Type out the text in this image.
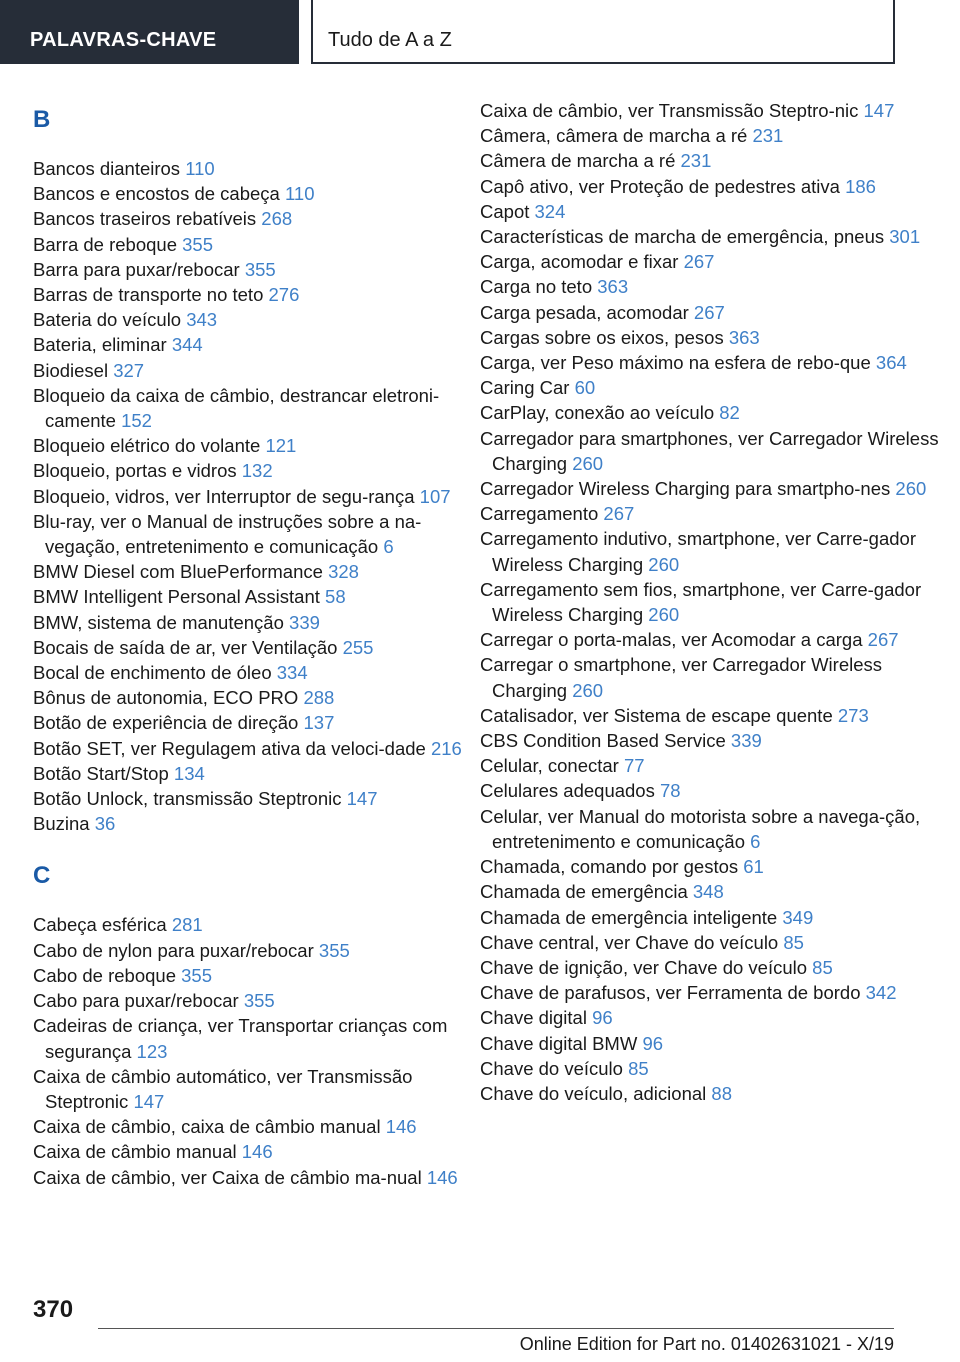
PALAVRAS-CHAVE	Tudo de A a Z
B
Bancos dianteiros 110
Bancos e encostos de cabeça 110
Bancos traseiros rebatíveis 268
Barra de reboque 355
Barra para puxar/rebocar 355
Barras de transporte no teto 276
Bateria do veículo 343
Bateria, eliminar 344
Biodiesel 327
Bloqueio da caixa de câmbio, destrancar eletroni-camente 152
Bloqueio elétrico do volante 121
Bloqueio, portas e vidros 132
Bloqueio, vidros, ver Interruptor de segu-rança 107
Blu-ray, ver o Manual de instruções sobre a na-vegação, entretenimento e comunicação 6
BMW Diesel com BluePerformance 328
BMW Intelligent Personal Assistant 58
BMW, sistema de manutenção 339
Bocais de saída de ar, ver Ventilação 255
Bocal de enchimento de óleo 334
Bônus de autonomia, ECO PRO 288
Botão de experiência de direção 137
Botão SET, ver Regulagem ativa da veloci-dade 216
Botão Start/Stop 134
Botão Unlock, transmissão Steptronic 147
Buzina 36
C
Cabeça esférica 281
Cabo de nylon para puxar/rebocar 355
Cabo de reboque 355
Cabo para puxar/rebocar 355
Cadeiras de criança, ver Transportar crianças com segurança 123
Caixa de câmbio automático, ver Transmissão Steptronic 147
Caixa de câmbio, caixa de câmbio manual 146
Caixa de câmbio manual 146
Caixa de câmbio, ver Caixa de câmbio ma-nual 146
Caixa de câmbio, ver Transmissão Steptro-nic 147
Câmera, câmera de marcha a ré 231
Câmera de marcha a ré 231
Capô ativo, ver Proteção de pedestres ativa 186
Capot 324
Características de marcha de emergência, pneus 301
Carga, acomodar e fixar 267
Carga no teto 363
Carga pesada, acomodar 267
Cargas sobre os eixos, pesos 363
Carga, ver Peso máximo na esfera de rebo-que 364
Caring Car 60
CarPlay, conexão ao veículo 82
Carregador para smartphones, ver Carregador Wireless Charging 260
Carregador Wireless Charging para smartpho-nes 260
Carregamento 267
Carregamento indutivo, smartphone, ver Carre-gador Wireless Charging 260
Carregamento sem fios, smartphone, ver Carre-gador Wireless Charging 260
Carregar o porta-malas, ver Acomodar a carga 267
Carregar o smartphone, ver Carregador Wireless Charging 260
Catalisador, ver Sistema de escape quente 273
CBS Condition Based Service 339
Celular, conectar 77
Celulares adequados 78
Celular, ver Manual do motorista sobre a navega-ção, entretenimento e comunicação 6
Chamada, comando por gestos 61
Chamada de emergência 348
Chamada de emergência inteligente 349
Chave central, ver Chave do veículo 85
Chave de ignição, ver Chave do veículo 85
Chave de parafusos, ver Ferramenta de bordo 342
Chave digital 96
Chave digital BMW 96
Chave do veículo 85
Chave do veículo, adicional 88
370
Online Edition for Part no. 01402631021 - X/19
